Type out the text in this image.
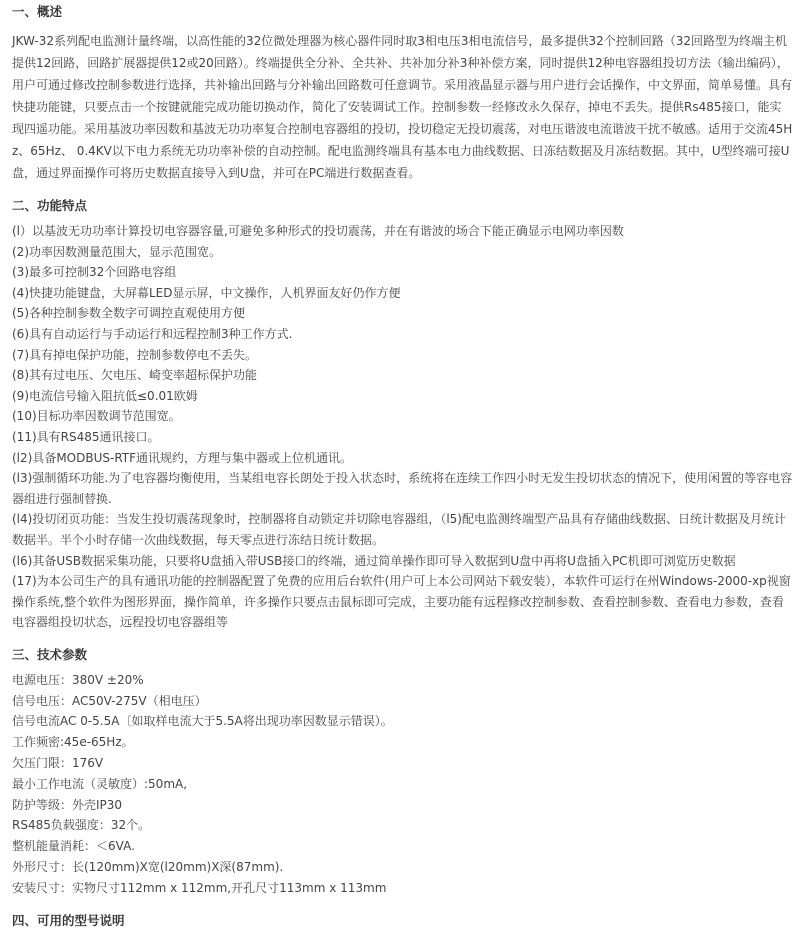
一、概述

JKW-32系列配电监测计量终端，以高性能的32位微处理器为核心器件同时取3相电压3相电流信号，最多提供32个控制回路（32回路型为终端主机提供12回路，回路扩展器提供12或20回路）。终端提供全分补、全共补、共补加分补3种补偿方案，同时提供12种电容器组投切方法（输出编码），用户可通过修改控制参数进行选择，共补输出回路与分补输出回路数可任意调节。采用液晶显示器与用户进行会话操作，中文界面，简单易懂。具有快捷功能键，只要点击一个按键就能完成功能切换动作，简化了安装调试工作。控制参数一经修改永久保存，掉电不丢失。提供Rs485接口，能实现四遥功能。采用基波功率因数和基波无功功率复合控制电容器组的投切，投切稳定无投切震荡，对电压谐波电流谐波干扰不敏感。适用于交流45Hz、65Hz、 0.4KV以下电力系统无功功率补偿的自动控制。配电监测终端具有基本电力曲线数据、日冻结数据及月冻结数据。其中，U型终端可接U盘，通过界面操作可将历史数据直接导入到U盘，并可在PC端进行数据查看。

二、功能特点

(l）以基波无功功率计算投切电容器容量,可避免多种形式的投切震荡，并在有谐波的场合下能正确显示电网功率因数

(2)功率因数测量范围大，显示范围宽。

(3)最多可控制32个回路电容组

(4)快捷功能键盘，大屏幕LED显示屏，中文操作，人机界面友好仍作方便

(5)各种控制参数全数字可调控直观使用方便

(6)具有自动运行与手动运行和远程控制3种工作方式.

(7)具有掉电保护功能，控制参数停电不丢失。

(8)其有过电压、欠电压、崎变率超标保护功能

(9)电流信号输入阻抗低≤0.01欧姆

(10)目标功率因数调节范围宽。

(11)具有RS485通讯接口。

(l2)具备MODBUS-RTF通讯规约，方理与集中器或上位机通讯。

(l3)强制循环功能.为了电容器均衡使用，当某组电容长朗处于投入状态时，系统将在连续工作四小时无发生投切状态的情况下，使用闲置的等容电容器组进行强制替换.

(l4)投切闭页功能：当发生投切震荡现象时，控制器将自动锁定并切除电容器组，（l5)配电监测终端型产品具有存储曲线数据、日统计数据及月统计数据半。半个小时存储一次曲线数据，每天零点进行冻结日统计数据。

(l6)其备USB数据采集功能，只要将U盘插入带USB接口的终端，通过简单操作即可导入数据到U盘中再将U盘插入PC机即可浏览历史数据

(17)为本公司生产的具有通讯功能的控制器配置了免费的应用后台软件(用户可上本公司网站下载安装），本软件可运行在州Windows-2000-xp视窗操作系统,整个软件为图形界面，操作简单，许多操作只要点击鼠标即可完成，主要功能有远程修改控制参数、查看控制参数、查看电力参数，查看电容器组投切状态，远程投切电容器组等

三、技术参数

电源电压：380V ±20%

信号电压：AC50V-275V（相电压）

信号电流AC 0-5.5A〔如取样电流大于5.5A将出现功率因数显示错误）。

工作频密:45e-65Hz。

欠压门限：176V

最小工作电流（灵敏度）:50mA,

防护等级：外壳IP30

RS485负载强度：32个。

整机能量消耗：＜6VA.

外形尺寸：长(120mm)X宽(l20mm)X深(87mm).

安装尺寸：实物尺寸112mm x 112mm,开孔尺寸113mm x 113mm

四、可用的型号说明
